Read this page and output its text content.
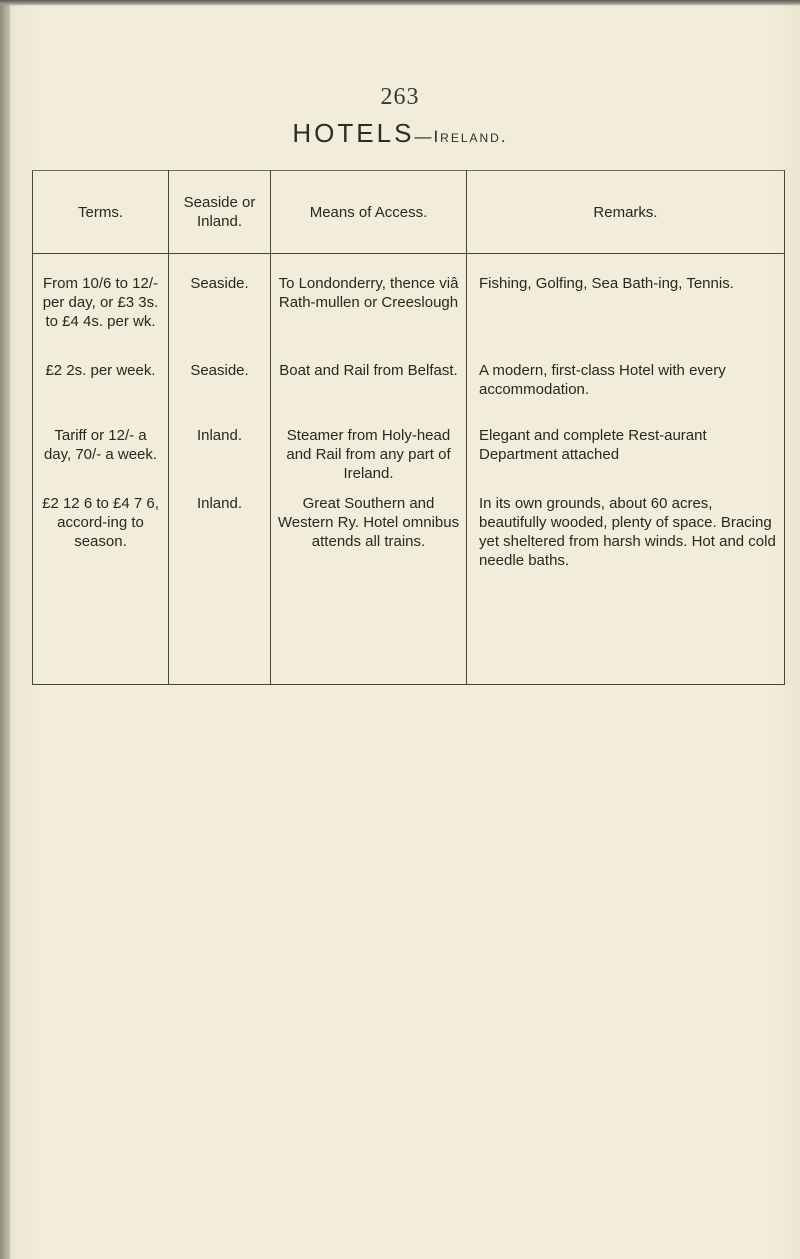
263
HOTELS—Ireland.
Terms.	Seaside or Inland.	Means of Access.	Remarks.
From 10/6 to 12/- per day, or £3 3s. to £4 4s. per wk.	Seaside.	To Londonderry, thence viâ Rath-mullen or Creeslough	Fishing, Golfing, Sea Bath-ing, Tennis.
£2 2s. per week.	Seaside.	Boat and Rail from Belfast.	A modern, first-class Hotel with every accommodation.
Tariff or 12/- a day, 70/- a week.	Inland.	Steamer from Holy-head and Rail from any part of Ireland.	Elegant and complete Rest-aurant Department attached
£2 12 6 to £4 7 6, accord-ing to season.	Inland.	Great Southern and Western Ry. Hotel omnibus attends all trains.	In its own grounds, about 60 acres, beautifully wooded, plenty of space. Bracing yet sheltered from harsh winds. Hot and cold needle baths.
